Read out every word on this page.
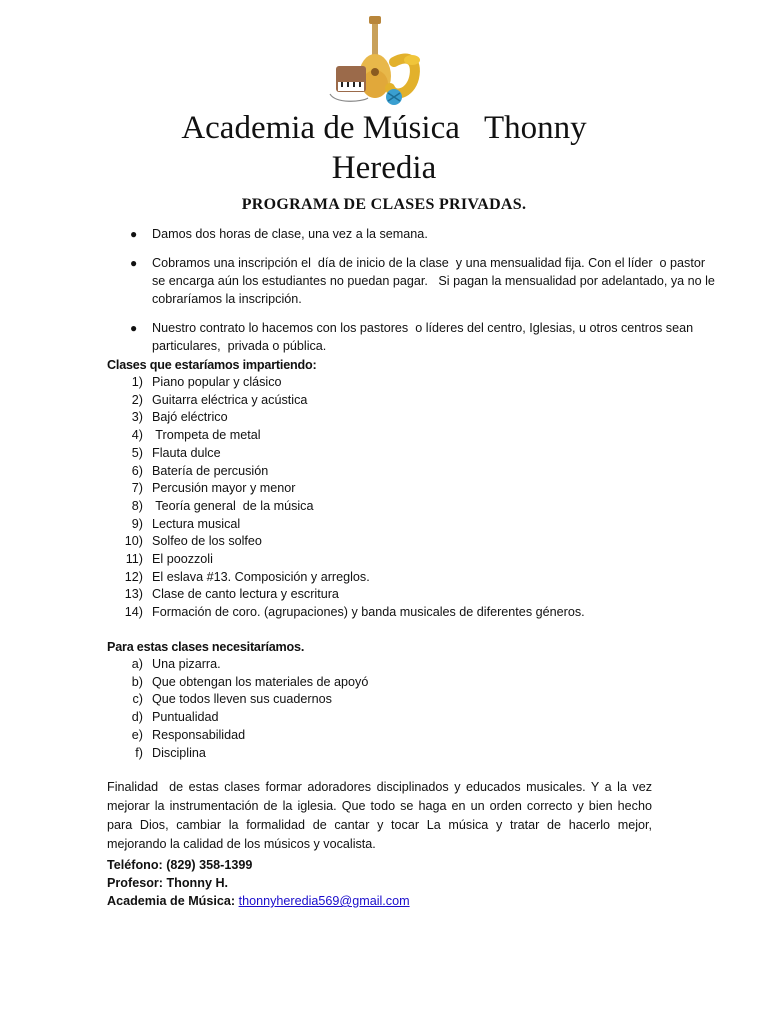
Academia de Música   Thonny
Heredia
PROGRAMA DE CLASES PRIVADAS.
● Damos dos horas de clase, una vez a la semana.
● Cobramos una inscripción el  día de inicio de la clase  y una mensualidad fija. Con el líder  o pastor se encarga aún los estudiantes no puedan pagar.   Si pagan la mensualidad por adelantado, ya no le cobraríamos la inscripción.
● Nuestro contrato lo hacemos con los pastores  o líderes del centro, Iglesias, u otros centros sean particulares,  privada o pública.
Clases que estaríamos impartiendo:
1) Piano popular y clásico
2) Guitarra eléctrica y acústica
3) Bajó eléctrico
4) Trompeta de metal
5) Flauta dulce
6) Batería de percusión
7) Percusión mayor y menor
8) Teoría general  de la música
9) Lectura musical
10) Solfeo de los solfeo
11) El poozzoli
12) El eslava #13. Composición y arreglos.
13) Clase de canto lectura y escritura
14) Formación de coro. (agrupaciones) y banda musicales de diferentes géneros.
Para estas clases necesitaríamos.
a) Una pizarra.
b) Que obtengan los materiales de apoyó
c) Que todos lleven sus cuadernos
d) Puntualidad
e) Responsabilidad
f) Disciplina
Finalidad  de estas clases formar adoradores disciplinados y educados musicales. Y a la vez mejorar la instrumentación de la iglesia. Que todo se haga en un orden correcto y bien hecho para Dios, cambiar la formalidad de cantar y tocar La música y tratar de hacerlo mejor, mejorando la calidad de los músicos y vocalista.
Teléfono: (829) 358-1399
Profesor: Thonny H.
Academia de Música: thonnyheredia569@gmail.com
